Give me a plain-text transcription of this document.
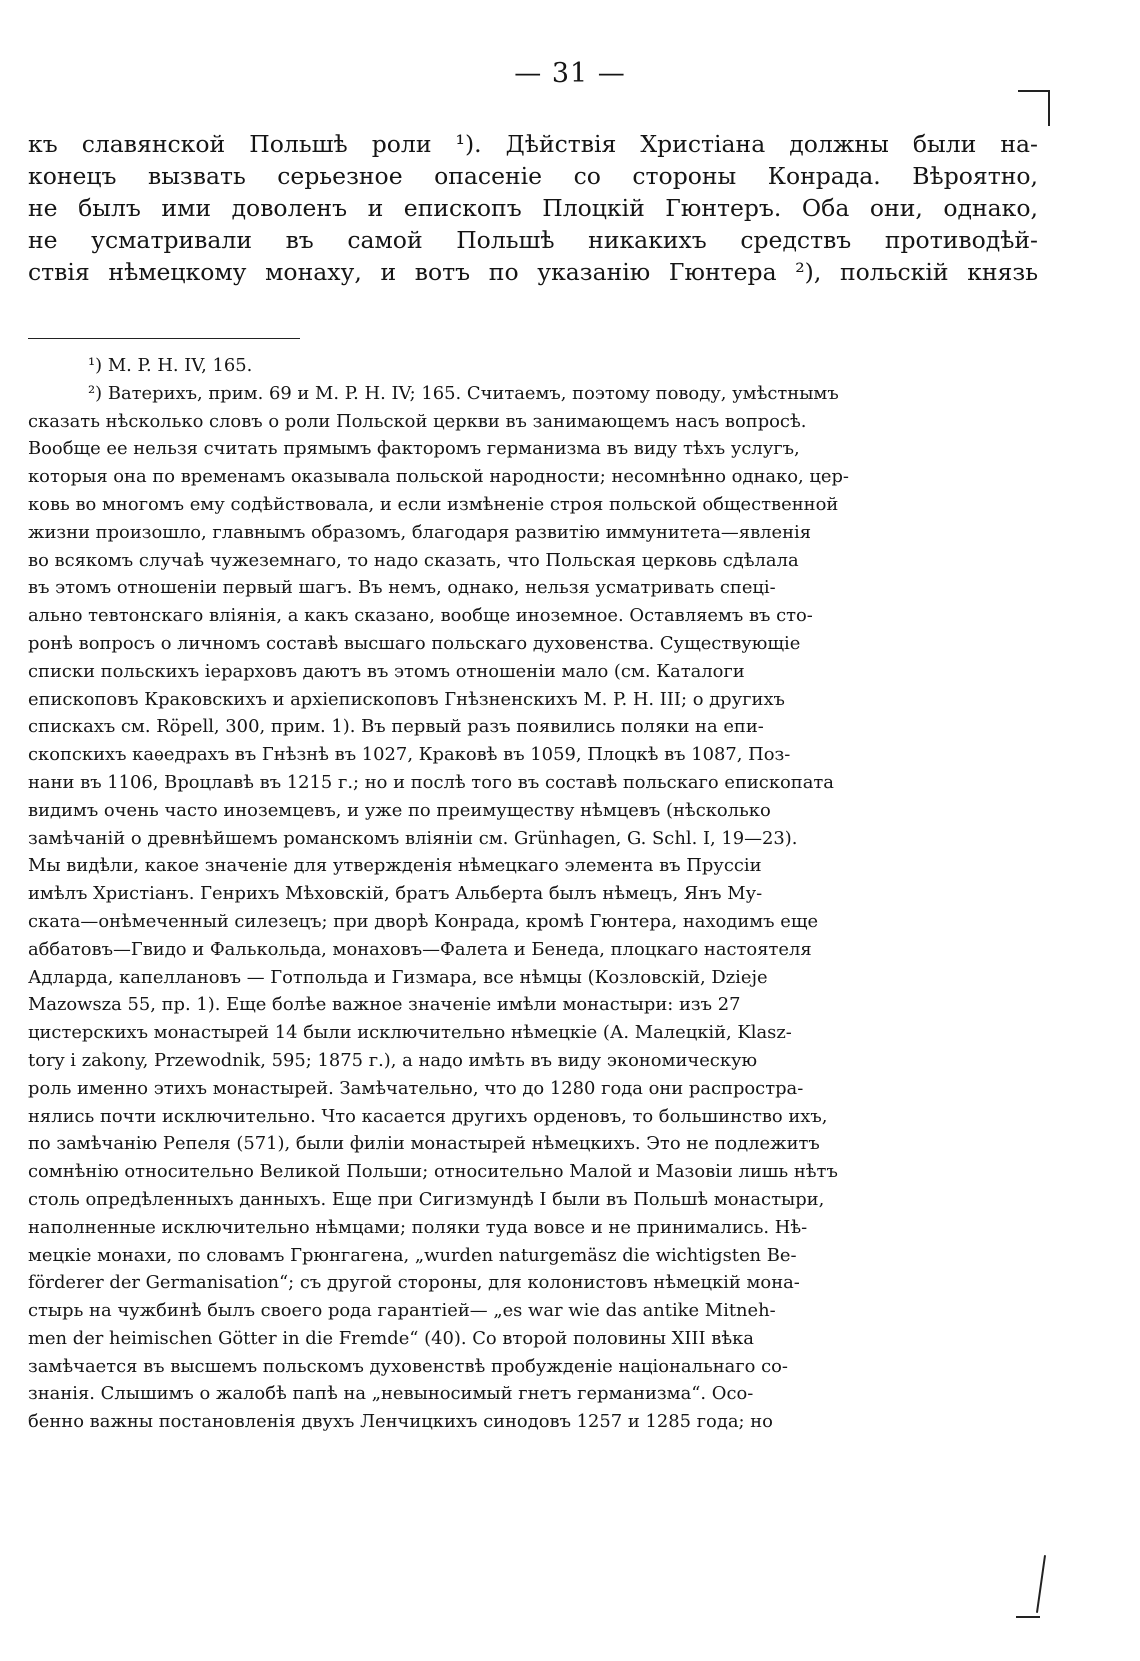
— 31 —
къ славянской Польшѣ роли ¹). Дѣйствія Христіана должны были на-
конецъ вызвать серьезное опасеніе со стороны Конрада. Вѣроятно,
не былъ ими доволенъ и епископъ Плоцкій Гюнтеръ. Оба они, однако,
не усматривали въ самой Польшѣ никакихъ средствъ противодѣй-
ствія нѣмецкому монаху, и вотъ по указанію Гюнтера ²), польскій князь
¹) М. P. H. IV, 165.
²) Ватерихъ, прим. 69 и М. P. H. IV; 165. Считаемъ, поэтому поводу, умѣстнымъ
сказать нѣсколько словъ о роли Польской церкви въ занимающемъ насъ вопросѣ.
Вообще ее нельзя считать прямымъ факторомъ германизма въ виду тѣхъ услугъ,
которыя она по временамъ оказывала польской народности; несомнѣнно однако, цер-
ковь во многомъ ему содѣйствовала, и если измѣненіе строя польской общественной
жизни произошло, главнымъ образомъ, благодаря развитію иммунитета—явленія
во всякомъ случаѣ чужеземнаго, то надо сказать, что Польская церковь сдѣлала
въ этомъ отношеніи первый шагъ. Въ немъ, однако, нельзя усматривать спеці-
ально тевтонскаго вліянія, а какъ сказано, вообще иноземное. Оставляемъ въ сто-
ронѣ вопросъ о личномъ составѣ высшаго польскаго духовенства. Существующіе
списки польскихъ іерарховъ даютъ въ этомъ отношеніи мало (см. Каталоги
епископовъ Краковскихъ и архіепископовъ Гнѣзненскихъ М. P. H. III; о другихъ
спискахъ см. Röpell, 300, прим. 1). Въ первый разъ появились поляки на епи-
скопскихъ каѳедрахъ въ Гнѣзнѣ въ 1027, Краковѣ въ 1059, Плоцкѣ въ 1087, Поз-
нани въ 1106, Вроцлавѣ въ 1215 г.; но и послѣ того въ составѣ польскаго епископата
видимъ очень часто иноземцевъ, и уже по преимуществу нѣмцевъ (нѣсколько
замѣчаній о древнѣйшемъ романскомъ вліяніи см. Grünhagen, G. Schl. I, 19—23).
Мы видѣли, какое значеніе для утвержденія нѣмецкаго элемента въ Пруссіи
имѣлъ Христіанъ. Генрихъ Мѣховскій, братъ Альберта былъ нѣмецъ, Янъ Му-
ската—онѣмеченный силезецъ; при дворѣ Конрада, кромѣ Гюнтера, находимъ еще
аббатовъ—Гвидо и Фалькольда, монаховъ—Фалета и Бенеда, плоцкаго настоятеля
Адларда, капеллановъ — Готпольда и Гизмара, все нѣмцы (Козловскій, Dzieje
Mazowsza 55, пр. 1). Еще болѣе важное значеніе имѣли монастыри: изъ 27
цистерскихъ монастырей 14 были исключительно нѣмецкіе (А. Малецкій, Klasz-
tory i zakony, Przewodnik, 595; 1875 г.), а надо имѣть въ виду экономическую
роль именно этихъ монастырей. Замѣчательно, что до 1280 года они распростра-
нялись почти исключительно. Что касается другихъ орденовъ, то большинство ихъ,
по замѣчанію Репеля (571), были филіи монастырей нѣмецкихъ. Это не подлежитъ
сомнѣнію относительно Великой Польши; относительно Малой и Мазовіи лишь нѣтъ
столь опредѣленныхъ данныхъ. Еще при Сигизмундѣ I были въ Польшѣ монастыри,
наполненные исключительно нѣмцами; поляки туда вовсе и не принимались. Нѣ-
мецкіе монахи, по словамъ Грюнгагена, „wurden naturgemäsz die wichtigsten Be-
förderer der Germanisation“; съ другой стороны, для колонистовъ нѣмецкій мона-
стырь на чужбинѣ былъ своего рода гарантіей— „es war wie das antike Mitneh-
men der heimischen Götter in die Fremde“ (40). Со второй половины XIII вѣка
замѣчается въ высшемъ польскомъ духовенствѣ пробужденіе національнаго со-
знанія. Слышимъ о жалобѣ папѣ на „невыносимый гнетъ германизма“. Осо-
бенно важны постановленія двухъ Ленчицкихъ синодовъ 1257 и 1285 года; но
